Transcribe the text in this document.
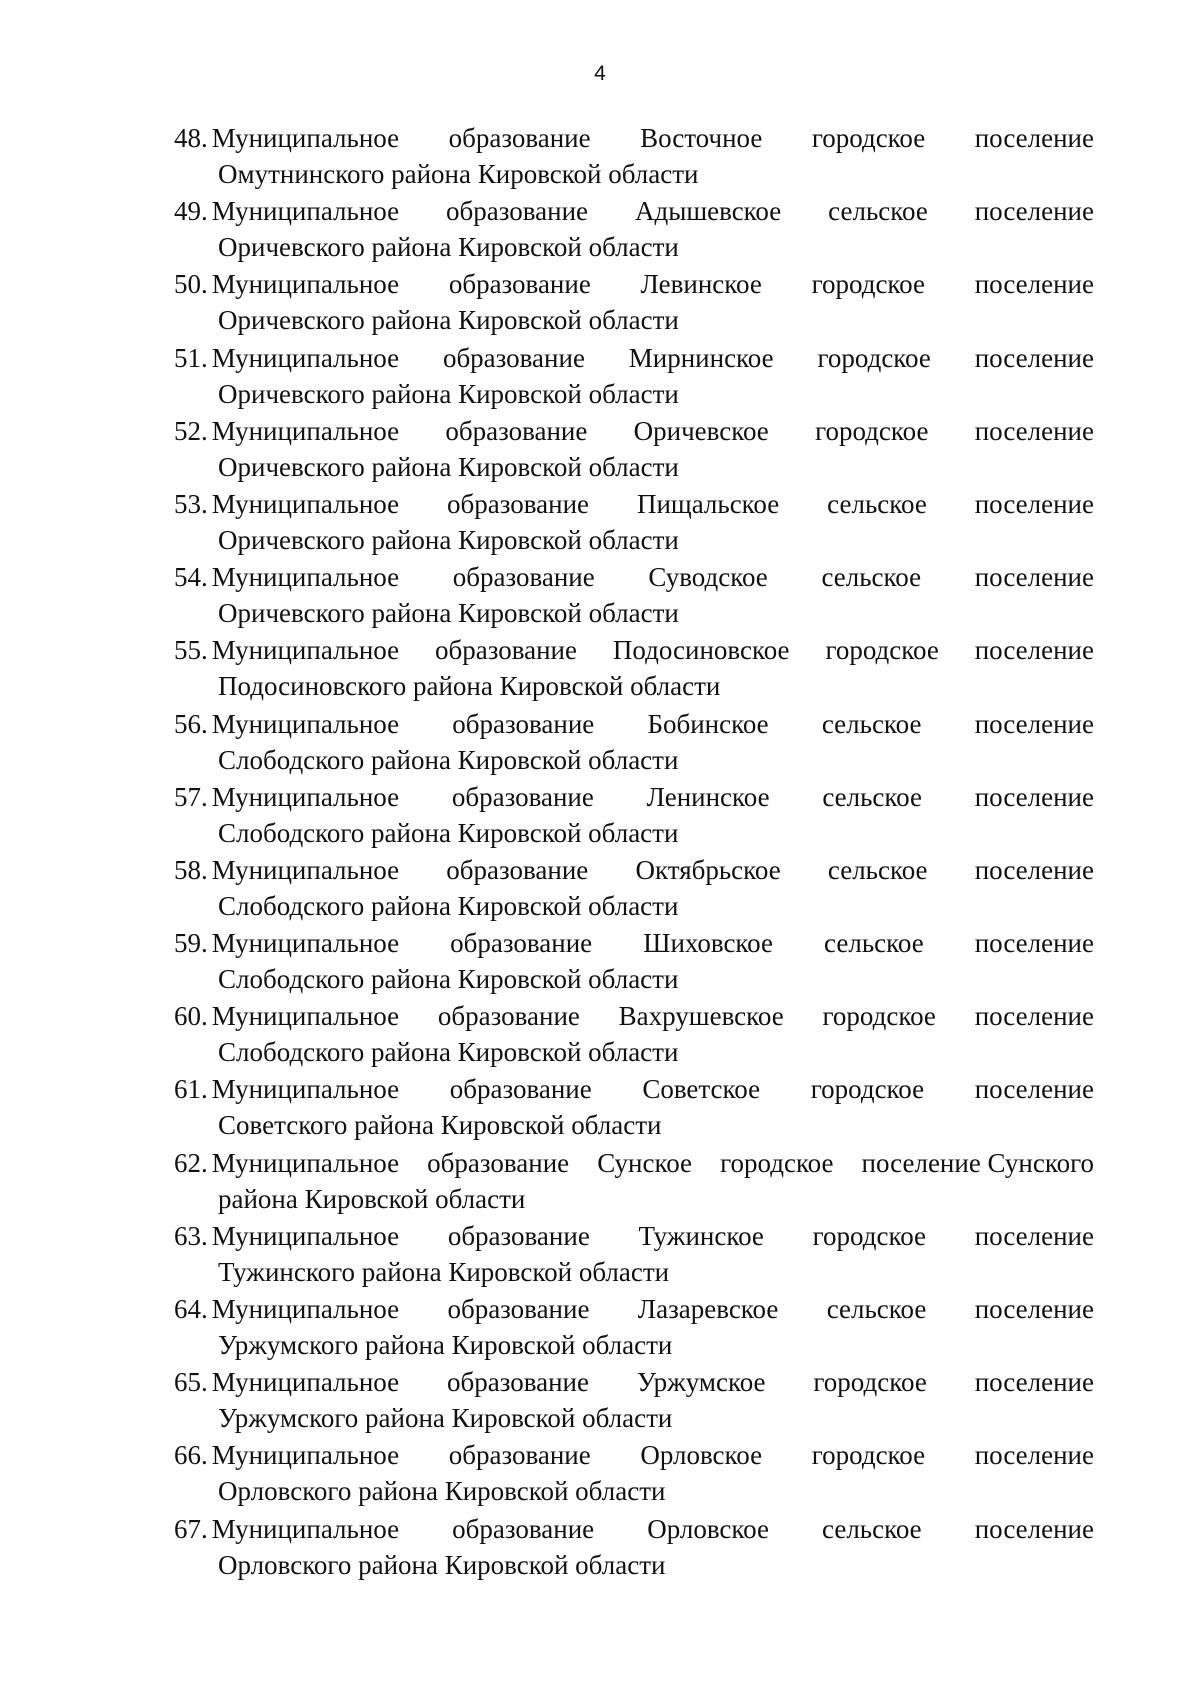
4
48. Муниципальное образование Восточное городское поселение
Омутнинского района Кировской области
49. Муниципальное образование Адышевское сельское поселение
Оричевского района Кировской области
50. Муниципальное образование Левинское городское поселение
Оричевского района Кировской области
51. Муниципальное образование Мирнинское городское поселение
Оричевского района Кировской области
52. Муниципальное образование Оричевское городское поселение
Оричевского района Кировской области
53. Муниципальное образование Пищальское сельское поселение
Оричевского района Кировской области
54. Муниципальное образование Суводское сельское поселение
Оричевского района Кировской области
55. Муниципальное образование Подосиновское городское поселение
Подосиновского района Кировской области
56. Муниципальное образование Бобинское сельское поселение
Слободского района Кировской области
57. Муниципальное образование Ленинское сельское поселение
Слободского района Кировской области
58. Муниципальное образование Октябрьское сельское поселение
Слободского района Кировской области
59. Муниципальное образование Шиховское сельское поселение
Слободского района Кировской области
60. Муниципальное образование Вахрушевское городское поселение
Слободского района Кировской области
61. Муниципальное образование Советское городское поселение
Советского района Кировской области
62. Муниципальное образование Сунское городское поселение Сунского
района Кировской области
63. Муниципальное образование Тужинское городское поселение
Тужинского района Кировской области
64. Муниципальное образование Лазаревское сельское поселение
Уржумского района Кировской области
65. Муниципальное образование Уржумское городское поселение
Уржумского района Кировской области
66. Муниципальное образование Орловское городское поселение
Орловского района Кировской области
67. Муниципальное образование Орловское сельское поселение
Орловского района Кировской области
